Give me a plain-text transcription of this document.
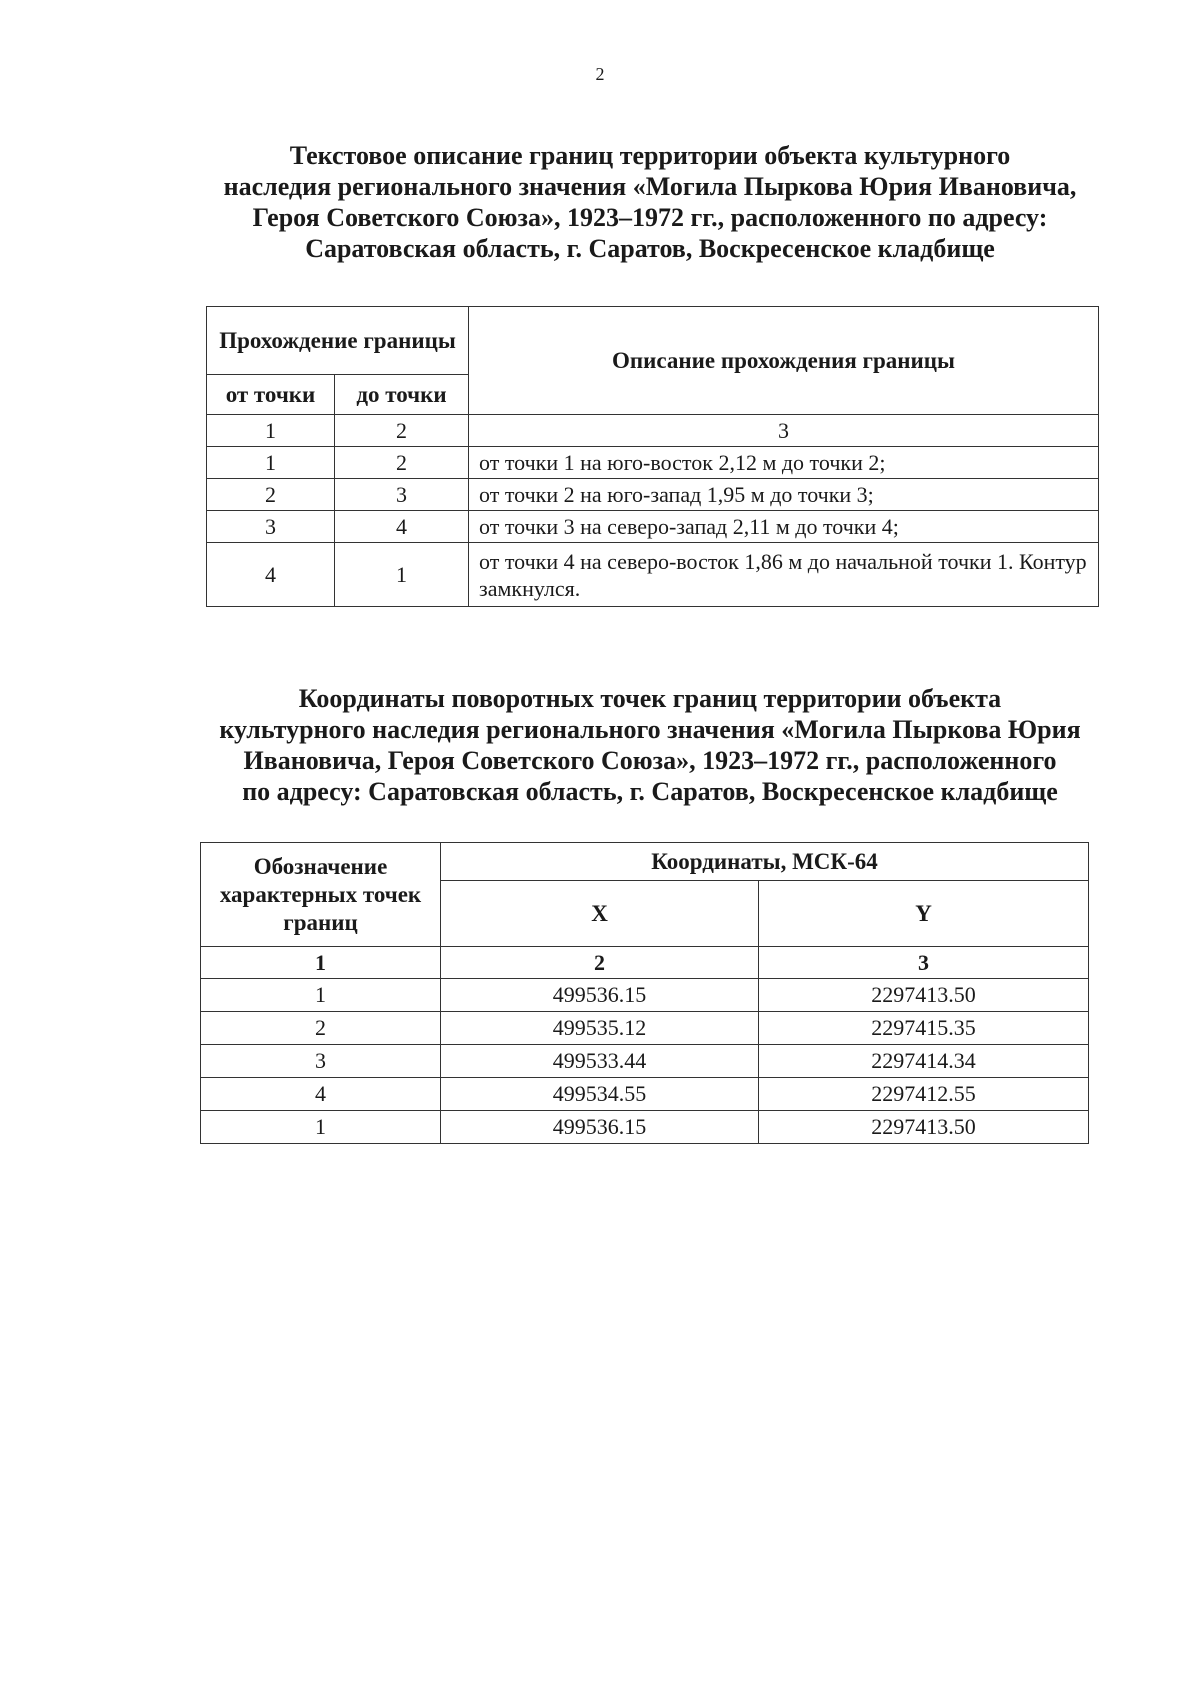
2
Текстовое описание границ территории объекта культурного
наследия регионального значения «Могила Пыркова Юрия Ивановича,
Героя Советского Союза», 1923–1972 гг., расположенного по адресу:
Саратовская область, г. Саратов, Воскресенское кладбище
Прохождение границы		Описание прохождения границы
от точки	до точки	
1	2	3
1	2	от точки 1 на юго-восток 2,12 м до точки 2;
2	3	от точки 2 на юго-запад 1,95 м до точки 3;
3	4	от точки 3 на северо-запад 2,11 м до точки 4;
4	1	от точки 4 на северо-восток 1,86 м до начальной точки 1. Контур замкнулся.
Координаты поворотных точек границ территории объекта
культурного наследия регионального значения «Могила Пыркова Юрия
Ивановича, Героя Советского Союза», 1923–1972 гг., расположенного
по адресу: Саратовская область, г. Саратов, Воскресенское кладбище
Обозначение характерных точек границ	Координаты, МСК-64	
	X	Y
1	2	3
1	499536.15	2297413.50
2	499535.12	2297415.35
3	499533.44	2297414.34
4	499534.55	2297412.55
1	499536.15	2297413.50
